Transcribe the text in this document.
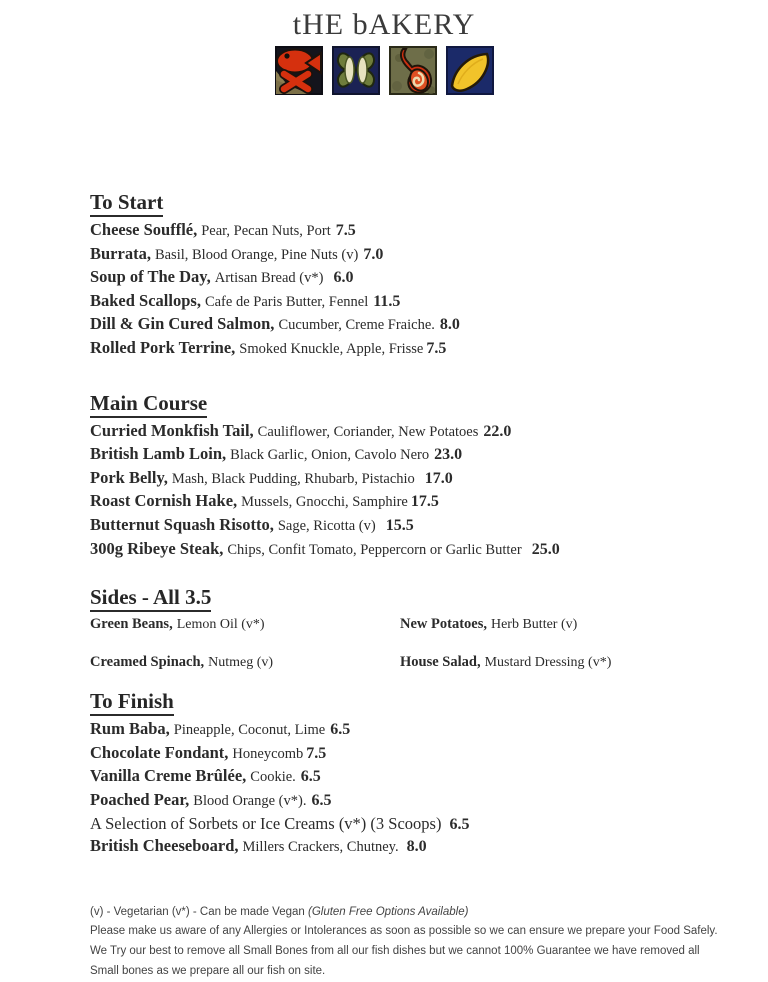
tHE bAKERY
To Start
Cheese Soufflé, Pear, Pecan Nuts, Port 7.5
Burrata, Basil, Blood Orange, Pine Nuts (v) 7.0
Soup of The Day, Artisan Bread (v*) 6.0
Baked Scallops, Cafe de Paris Butter, Fennel 11.5
Dill & Gin Cured Salmon, Cucumber, Creme Fraiche. 8.0
Rolled Pork Terrine, Smoked Knuckle, Apple, Frisse 7.5
Main Course
Curried Monkfish Tail, Cauliflower, Coriander, New Potatoes 22.0
British Lamb Loin, Black Garlic, Onion, Cavolo Nero 23.0
Pork Belly, Mash, Black Pudding, Rhubarb, Pistachio 17.0
Roast Cornish Hake, Mussels, Gnocchi, Samphire 17.5
Butternut Squash Risotto, Sage, Ricotta (v) 15.5
300g Ribeye Steak, Chips, Confit Tomato, Peppercorn or Garlic Butter 25.0
Sides - All 3.5
Green Beans, Lemon Oil (v*)	New Potatoes, Herb Butter (v)
Creamed Spinach, Nutmeg (v)	House Salad, Mustard Dressing (v*)
To Finish
Rum Baba, Pineapple, Coconut, Lime 6.5
Chocolate Fondant, Honeycomb 7.5
Vanilla Creme Brûlée, Cookie. 6.5
Poached Pear, Blood Orange (v*). 6.5
A Selection of Sorbets or Ice Creams (v*) (3 Scoops) 6.5
British Cheeseboard, Millers Crackers, Chutney. 8.0

(v) - Vegetarian (v*) - Can be made Vegan (Gluten Free Options Available)

Please make us aware of any Allergies or Intolerances as soon as possible so we can ensure we prepare your Food Safely. We Try our best to remove all Small Bones from all our fish dishes but we cannot 100% Guarantee we have removed all Small bones as we prepare all our fish on site.
